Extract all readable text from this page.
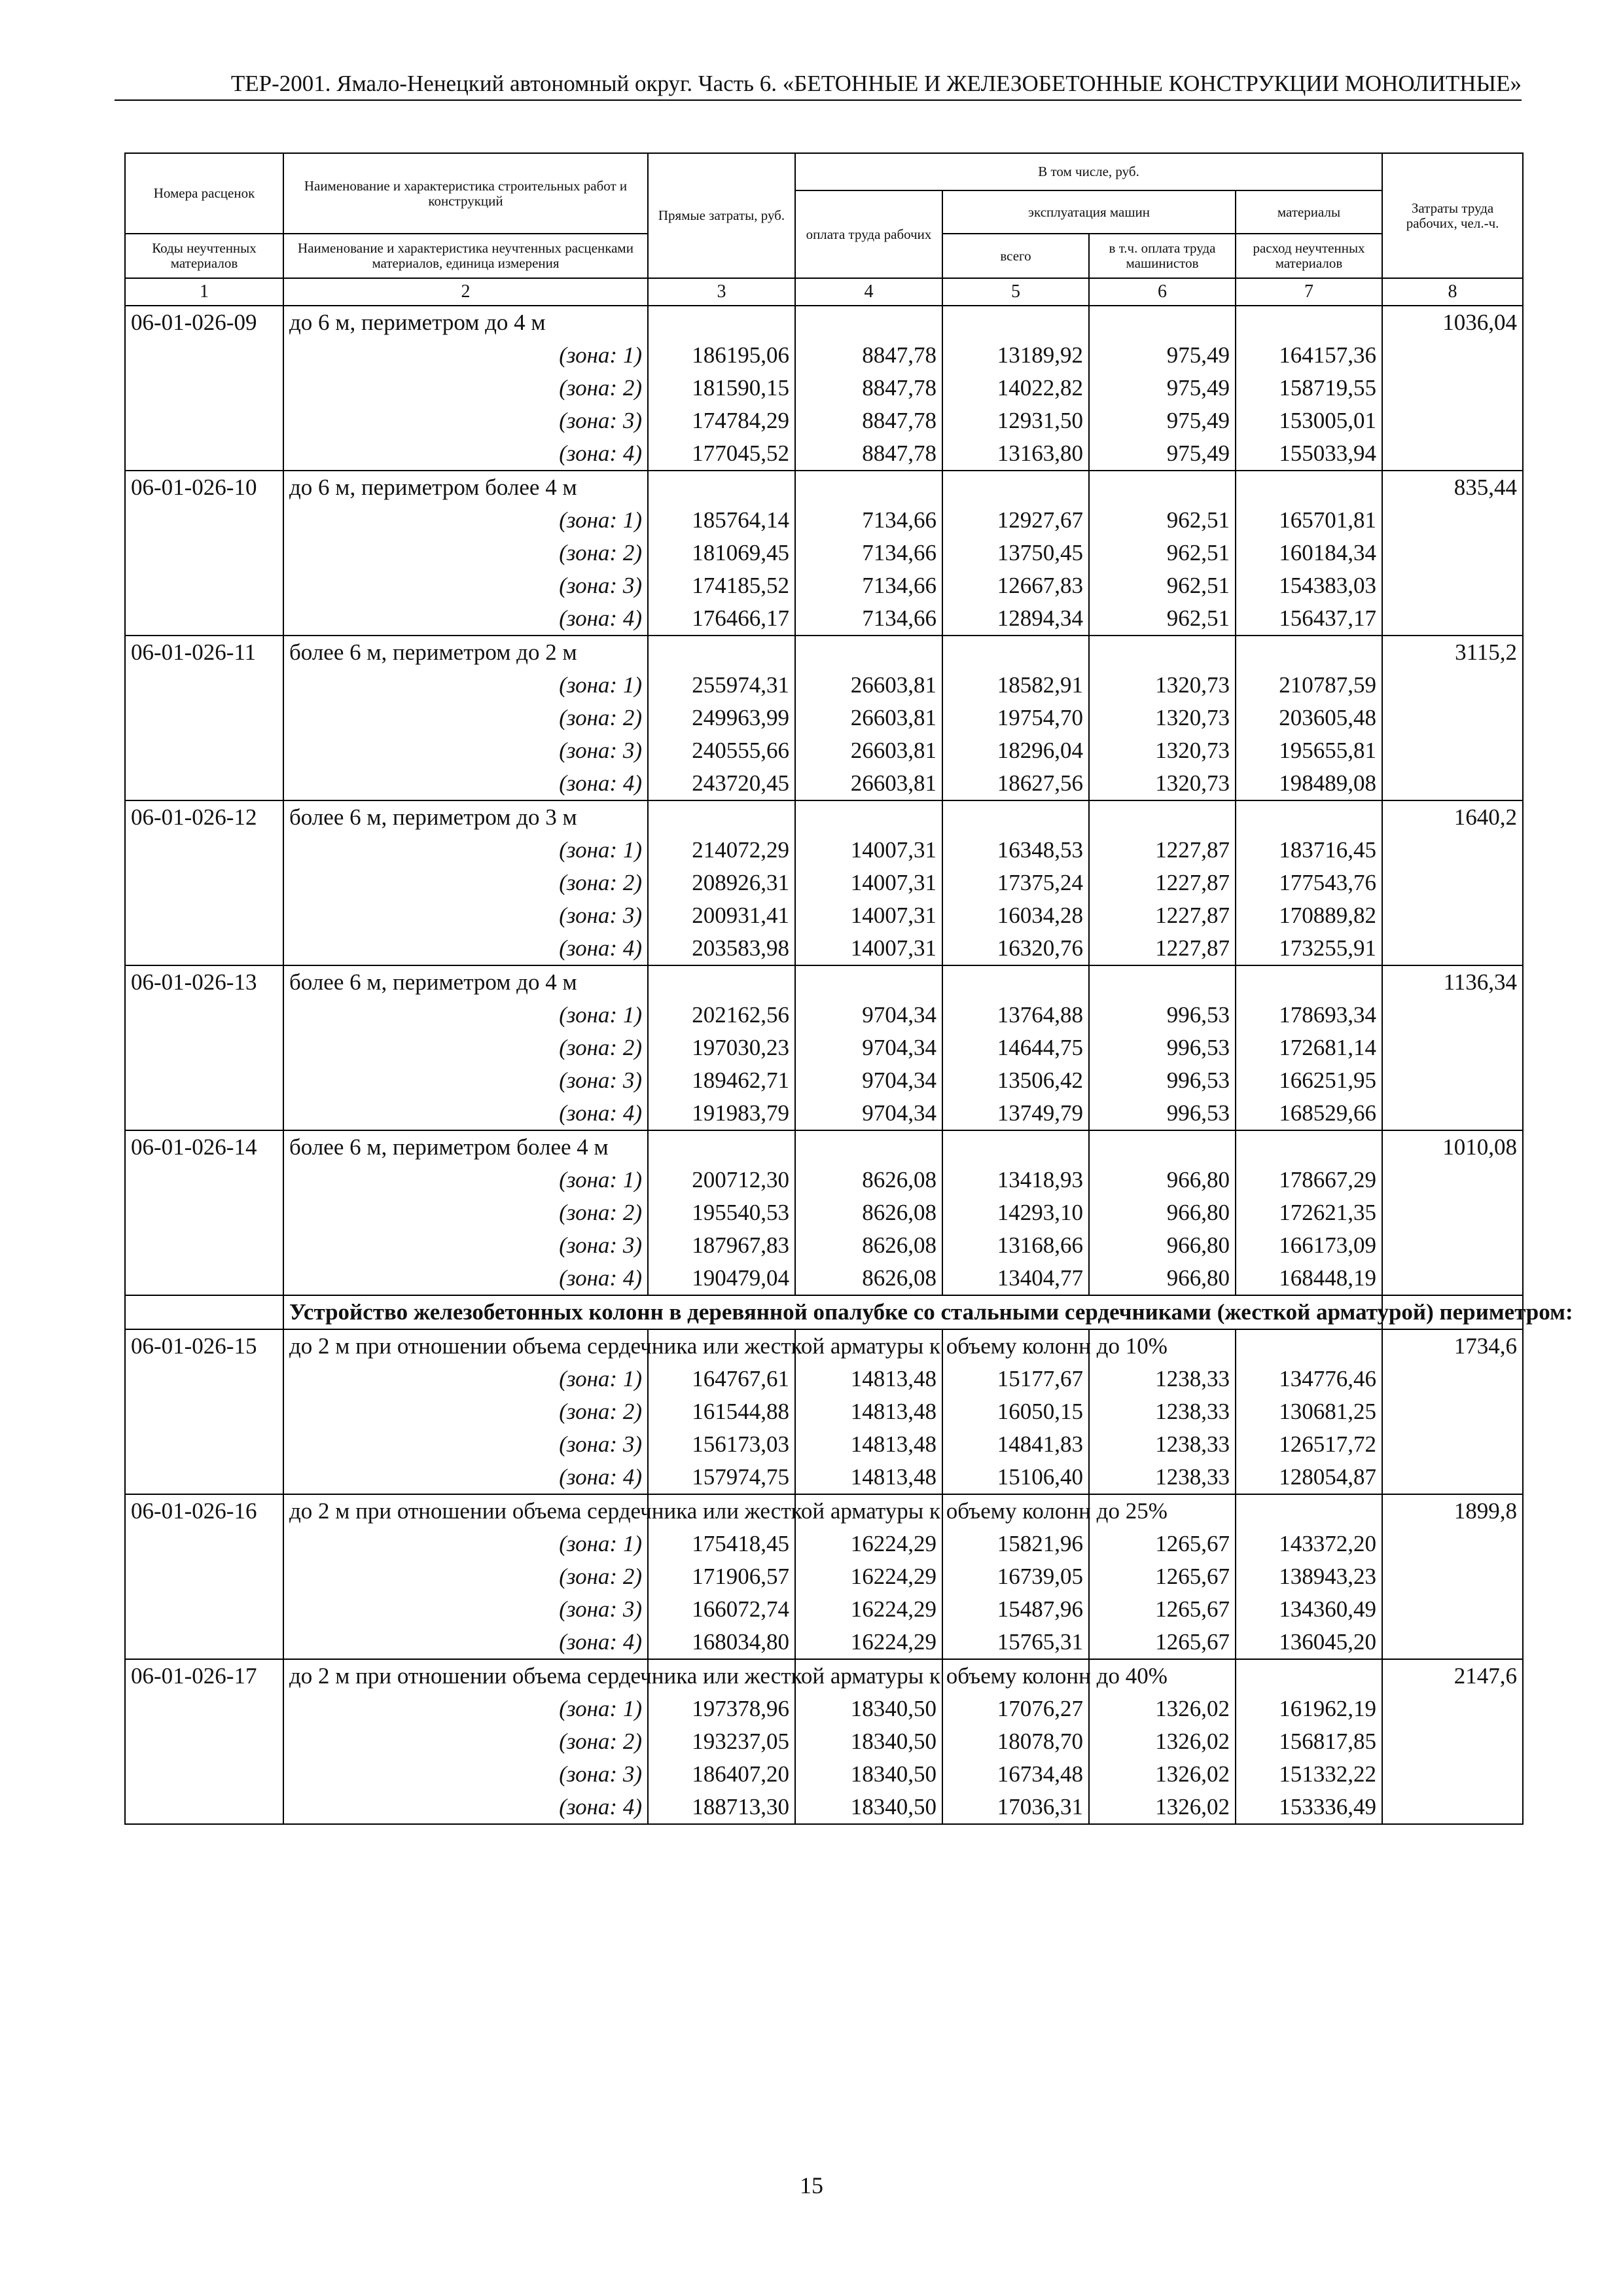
ТЕР-2001. Ямало-Ненецкий автономный округ. Часть 6. «БЕТОННЫЕ И ЖЕЛЕЗОБЕТОННЫЕ КОНСТРУКЦИИ МОНОЛИТНЫЕ»
Номера расценок	Наименование и характеристика строительных работ и конструкций	Прямые затраты, руб.	В том числе, руб.				Затраты труда рабочих, чел.-ч.
			оплата труда рабочих	эксплуатация машин		материалы	
Коды неучтенных материалов	Наименование и характеристика неучтенных расценками материалов, единица измерения			всего	в т.ч. оплата труда машинистов	расход неучтенных материалов	
1	2	3	4	5	6	7	8
06-01-026-09	до 6 м, периметром до 4 м						1036,04
	(зона: 1)	186195,06	8847,78	13189,92	975,49	164157,36	
	(зона: 2)	181590,15	8847,78	14022,82	975,49	158719,55	
	(зона: 3)	174784,29	8847,78	12931,50	975,49	153005,01	
	(зона: 4)	177045,52	8847,78	13163,80	975,49	155033,94	
06-01-026-10	до 6 м, периметром более 4 м						835,44
	(зона: 1)	185764,14	7134,66	12927,67	962,51	165701,81	
	(зона: 2)	181069,45	7134,66	13750,45	962,51	160184,34	
	(зона: 3)	174185,52	7134,66	12667,83	962,51	154383,03	
	(зона: 4)	176466,17	7134,66	12894,34	962,51	156437,17	
06-01-026-11	более 6 м, периметром до 2 м						3115,2
	(зона: 1)	255974,31	26603,81	18582,91	1320,73	210787,59	
	(зона: 2)	249963,99	26603,81	19754,70	1320,73	203605,48	
	(зона: 3)	240555,66	26603,81	18296,04	1320,73	195655,81	
	(зона: 4)	243720,45	26603,81	18627,56	1320,73	198489,08	
06-01-026-12	более 6 м, периметром до 3 м						1640,2
	(зона: 1)	214072,29	14007,31	16348,53	1227,87	183716,45	
	(зона: 2)	208926,31	14007,31	17375,24	1227,87	177543,76	
	(зона: 3)	200931,41	14007,31	16034,28	1227,87	170889,82	
	(зона: 4)	203583,98	14007,31	16320,76	1227,87	173255,91	
06-01-026-13	более 6 м, периметром до 4 м						1136,34
	(зона: 1)	202162,56	9704,34	13764,88	996,53	178693,34	
	(зона: 2)	197030,23	9704,34	14644,75	996,53	172681,14	
	(зона: 3)	189462,71	9704,34	13506,42	996,53	166251,95	
	(зона: 4)	191983,79	9704,34	13749,79	996,53	168529,66	
06-01-026-14	более 6 м, периметром более 4 м						1010,08
	(зона: 1)	200712,30	8626,08	13418,93	966,80	178667,29	
	(зона: 2)	195540,53	8626,08	14293,10	966,80	172621,35	
	(зона: 3)	187967,83	8626,08	13168,66	966,80	166173,09	
	(зона: 4)	190479,04	8626,08	13404,77	966,80	168448,19	
	Устройство железобетонных колонн в деревянной опалубке со стальными сердечниками (жесткой арматурой) периметром:						
06-01-026-15	до 2 м при отношении объема сердечника или жесткой арматуры к объему колонн до 10%						1734,6
	(зона: 1)	164767,61	14813,48	15177,67	1238,33	134776,46	
	(зона: 2)	161544,88	14813,48	16050,15	1238,33	130681,25	
	(зона: 3)	156173,03	14813,48	14841,83	1238,33	126517,72	
	(зона: 4)	157974,75	14813,48	15106,40	1238,33	128054,87	
06-01-026-16	до 2 м при отношении объема сердечника или жесткой арматуры к объему колонн до 25%						1899,8
	(зона: 1)	175418,45	16224,29	15821,96	1265,67	143372,20	
	(зона: 2)	171906,57	16224,29	16739,05	1265,67	138943,23	
	(зона: 3)	166072,74	16224,29	15487,96	1265,67	134360,49	
	(зона: 4)	168034,80	16224,29	15765,31	1265,67	136045,20	
06-01-026-17	до 2 м при отношении объема сердечника или жесткой арматуры к объему колонн до 40%						2147,6
	(зона: 1)	197378,96	18340,50	17076,27	1326,02	161962,19	
	(зона: 2)	193237,05	18340,50	18078,70	1326,02	156817,85	
	(зона: 3)	186407,20	18340,50	16734,48	1326,02	151332,22	
	(зона: 4)	188713,30	18340,50	17036,31	1326,02	153336,49	
15
